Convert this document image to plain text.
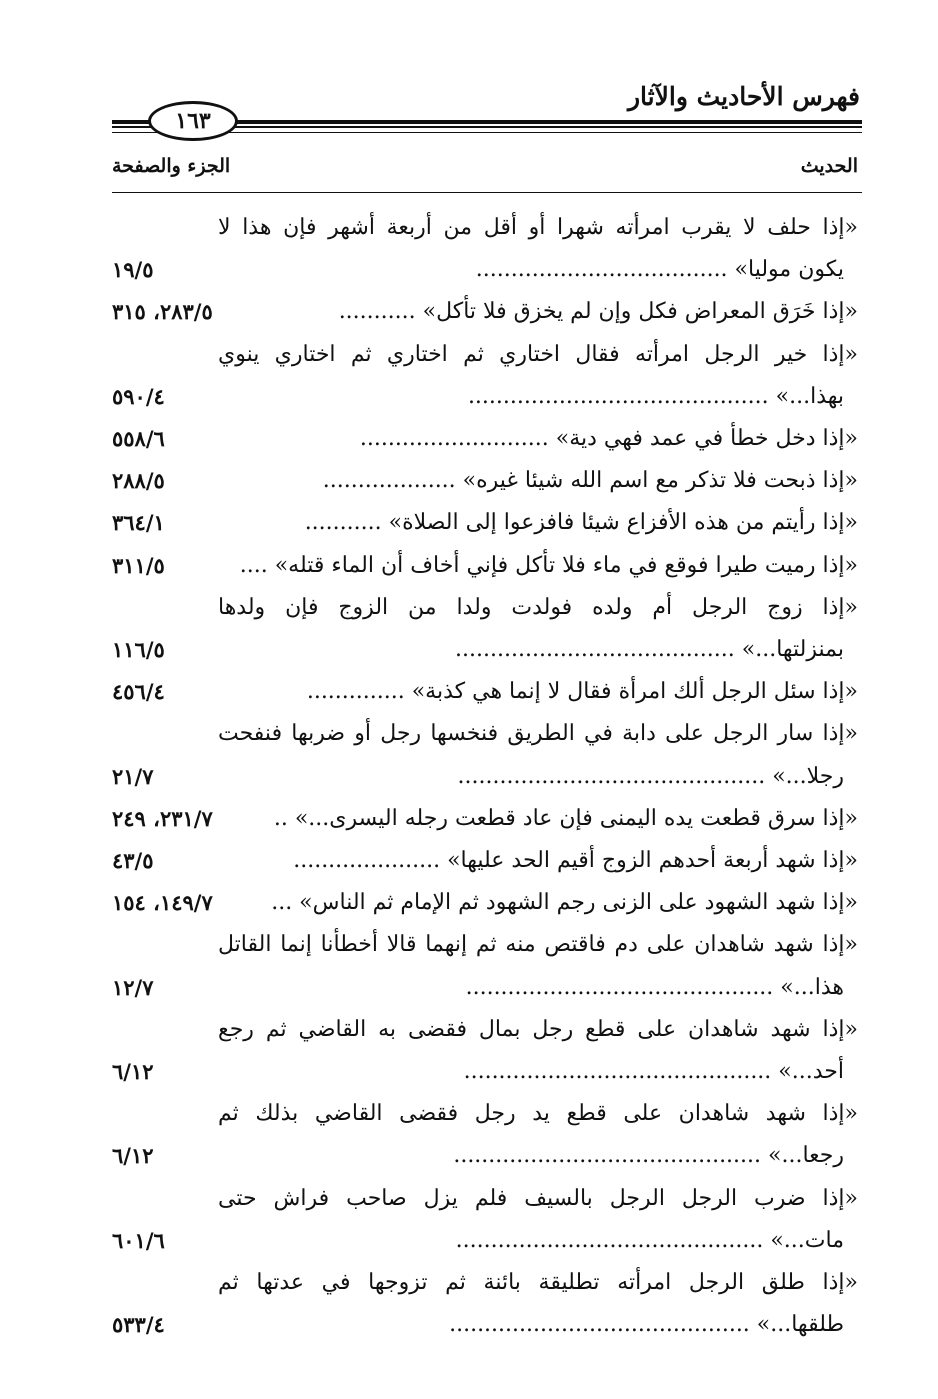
فهرس الأحاديث والآثار
١٦٣
الحديث
الجزء والصفحة
«إذا حلف لا يقرب امرأته شهرا أو أقل من أربعة أشهر فإن هذا لا
يكون موليا» ....................................
١٩/٥
«إذا خَرَق المعراض فكل وإن لم يخزق فلا تأكل» ...........
٢٨٣/٥، ٣١٥
«إذا خير الرجل امرأته فقال اختاري ثم اختاري ثم اختاري ينوي
بهذا...» ...........................................
٥٩٠/٤
«إذا دخل خطأ في عمد فهي دية» ...........................
٥٥٨/٦
«إذا ذبحت فلا تذكر مع اسم الله شيئا غيره» ...................
٢٨٨/٥
«إذا رأيتم من هذه الأفزاع شيئا فافزعوا إلى الصلاة» ...........
٣٦٤/١
«إذا رميت طيرا فوقع في ماء فلا تأكل فإني أخاف أن الماء قتله» ....
٣١١/٥
«إذا زوج الرجل أم ولده فولدت ولدا من الزوج فإن ولدها
بمنزلتها...» ........................................
١١٦/٥
«إذا سئل الرجل ألك امرأة فقال لا إنما هي كذبة» ..............
٤٥٦/٤
«إذا سار الرجل على دابة في الطريق فنخسها رجل أو ضربها فنفحت
رجلا...» ............................................
٢١/٧
«إذا سرق قطعت يده اليمنى فإن عاد قطعت رجله اليسرى...» ..
٢٣١/٧، ٢٤٩
«إذا شهد أربعة أحدهم الزوج أقيم الحد عليها» .....................
٤٣/٥
«إذا شهد الشهود على الزنى رجم الشهود ثم الإمام ثم الناس» ...
١٤٩/٧، ١٥٤
«إذا شهد شاهدان على دم فاقتص منه ثم إنهما قالا أخطأنا إنما القاتل
هذا...» ............................................
١٢/٧
«إذا شهد شاهدان على قطع رجل بمال فقضى به القاضي ثم رجع
أحد...» ............................................
٦/١٢
«إذا شهد شاهدان على قطع يد رجل فقضى القاضي بذلك ثم
رجعا...» ............................................
٦/١٢
«إذا ضرب الرجل الرجل بالسيف فلم يزل صاحب فراش حتى
مات...» ............................................
٦٠١/٦
«إذا طلق الرجل امرأته تطليقة بائنة ثم تزوجها في عدتها ثم
طلقها...» ...........................................
٥٣٣/٤
